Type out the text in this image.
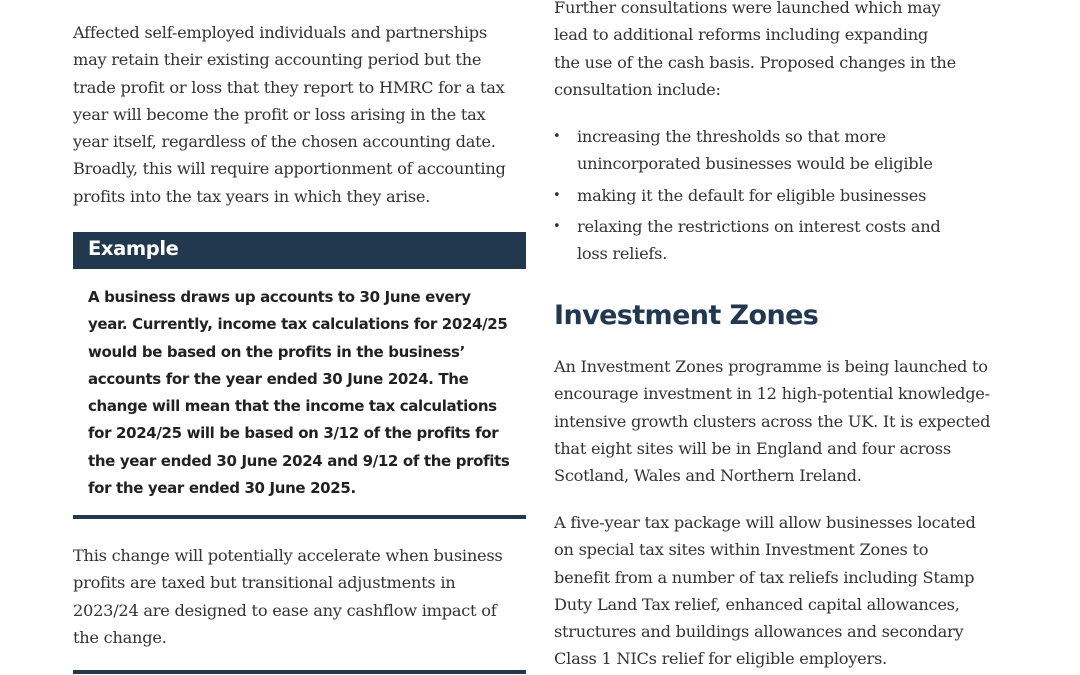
Affected self-employed individuals and partnerships
may retain their existing accounting period but the
trade profit or loss that they report to HMRC for a tax
year will become the profit or loss arising in the tax
year itself, regardless of the chosen accounting date.
Broadly, this will require apportionment of accounting
profits into the tax years in which they arise.

Example

A business draws up accounts to 30 June every
year. Currently, income tax calculations for 2024/25
would be based on the profits in the business’
accounts for the year ended 30 June 2024. The
change will mean that the income tax calculations
for 2024/25 will be based on 3/12 of the profits for
the year ended 30 June 2024 and 9/12 of the profits
for the year ended 30 June 2025.

This change will potentially accelerate when business
profits are taxed but transitional adjustments in
2023/24 are designed to ease any cashflow impact of
the change.

Further consultations were launched which may
lead to additional reforms including expanding
the use of the cash basis. Proposed changes in the
consultation include:

• increasing the thresholds so that more
unincorporated businesses would be eligible
• making it the default for eligible businesses
• relaxing the restrictions on interest costs and
loss reliefs.
Investment Zones

An Investment Zones programme is being launched to
encourage investment in 12 high-potential knowledge-
intensive growth clusters across the UK. It is expected
that eight sites will be in England and four across
Scotland, Wales and Northern Ireland.

A five-year tax package will allow businesses located
on special tax sites within Investment Zones to
benefit from a number of tax reliefs including Stamp
Duty Land Tax relief, enhanced capital allowances,
structures and buildings allowances and secondary
Class 1 NICs relief for eligible employers.
